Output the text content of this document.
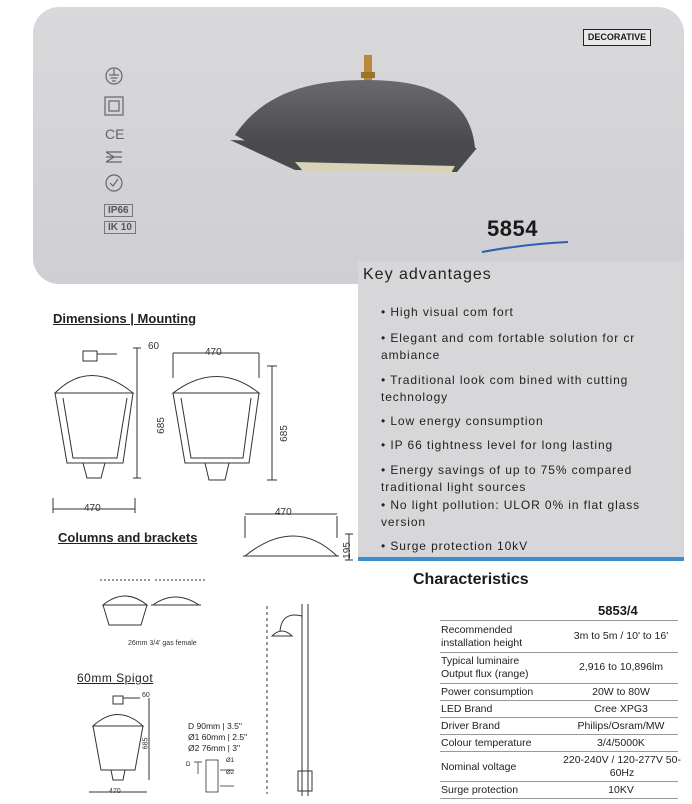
DECORATIVE
CE
IP66
IK 10	5854
Key advantages
• High visual com fort
• Elegant and com fortable solution for cr ambiance
• Traditional look com bined with cutting technology
• Low energy consumption
• IP 66 tightness level for long lasting
• Energy savings of up to 75% compared traditional light sources
• No light pollution: ULOR 0% in flat glass version
• Surge protection 10kV
Dimensions | Mounting
60
470
685	685
470	470
195
Columns and brackets
26mm 3/4' gas female
60mm Spigot
60
685
470
D 90mm | 3.5"
Ø1 60mm | 2.5"
Ø2 76mm | 3"
D
Ø1
Ø2
Characteristics
5853/4
Recommended installation height
3m to 5m / 10' to 16'
Typical luminaire Output flux (range)
2,916 to 10,896lm
Power consumption	20W to 80W
LED Brand	Cree XPG3
Driver Brand	Philips/Osram/MW
Colour temperature	3/4/5000K
Nominal voltage
220-240V / 120-277V 50-60Hz
Surge protection	10KV
